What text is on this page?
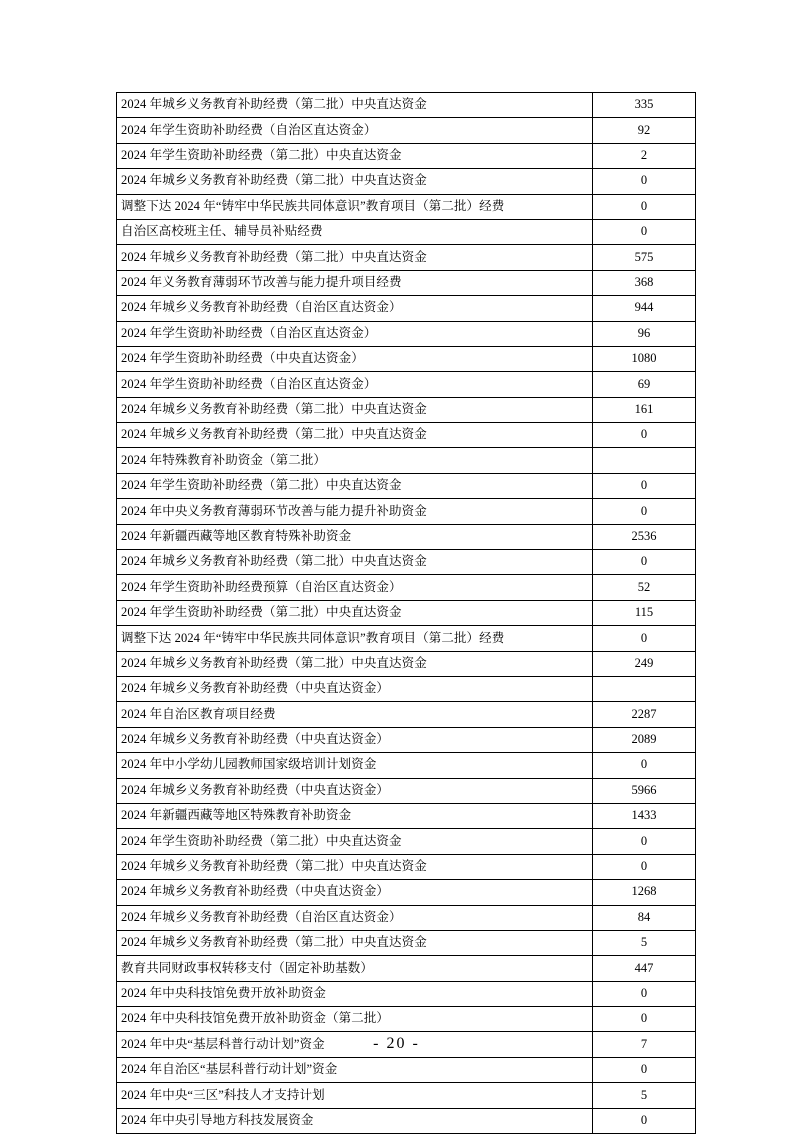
2024 年城乡义务教育补助经费（第二批）中央直达资金	335
2024 年学生资助补助经费（自治区直达资金）	92
2024 年学生资助补助经费（第二批）中央直达资金	2
2024 年城乡义务教育补助经费（第二批）中央直达资金	0
调整下达 2024 年“铸牢中华民族共同体意识”教育项目（第二批）经费	0
自治区高校班主任、辅导员补贴经费	0
2024 年城乡义务教育补助经费（第二批）中央直达资金	575
2024 年义务教育薄弱环节改善与能力提升项目经费	368
2024 年城乡义务教育补助经费（自治区直达资金）	944
2024 年学生资助补助经费（自治区直达资金）	96
2024 年学生资助补助经费（中央直达资金）	1080
2024 年学生资助补助经费（自治区直达资金）	69
2024 年城乡义务教育补助经费（第二批）中央直达资金	161
2024 年城乡义务教育补助经费（第二批）中央直达资金	0
2024 年特殊教育补助资金（第二批）	
2024 年学生资助补助经费（第二批）中央直达资金	0
2024 年中央义务教育薄弱环节改善与能力提升补助资金	0
2024 年新疆西藏等地区教育特殊补助资金	2536
2024 年城乡义务教育补助经费（第二批）中央直达资金	0
2024 年学生资助补助经费预算（自治区直达资金）	52
2024 年学生资助补助经费（第二批）中央直达资金	115
调整下达 2024 年“铸牢中华民族共同体意识”教育项目（第二批）经费	0
2024 年城乡义务教育补助经费（第二批）中央直达资金	249
2024 年城乡义务教育补助经费（中央直达资金）	
2024 年自治区教育项目经费	2287
2024 年城乡义务教育补助经费（中央直达资金）	2089
2024 年中小学幼儿园教师国家级培训计划资金	0
2024 年城乡义务教育补助经费（中央直达资金）	5966
2024 年新疆西藏等地区特殊教育补助资金	1433
2024 年学生资助补助经费（第二批）中央直达资金	0
2024 年城乡义务教育补助经费（第二批）中央直达资金	0
2024 年城乡义务教育补助经费（中央直达资金）	1268
2024 年城乡义务教育补助经费（自治区直达资金）	84
2024 年城乡义务教育补助经费（第二批）中央直达资金	5
教育共同财政事权转移支付（固定补助基数）	447
2024 年中央科技馆免费开放补助资金	0
2024 年中央科技馆免费开放补助资金（第二批）	0
2024 年中央“基层科普行动计划”资金	7
2024 年自治区“基层科普行动计划”资金	0
2024 年中央“三区”科技人才支持计划	5
2024 年中央引导地方科技发展资金	0
- 20 -
